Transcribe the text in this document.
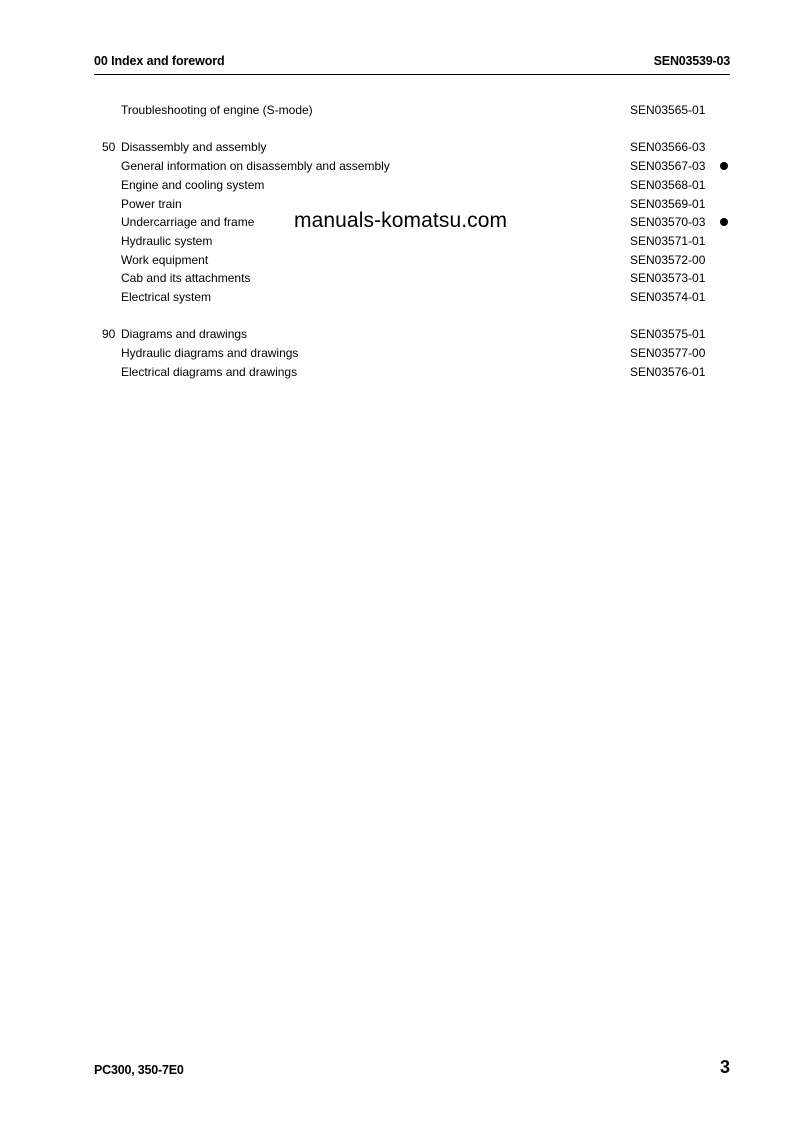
00 Index and foreword	SEN03539-03
Troubleshooting of engine (S-mode)	SEN03565-01
50 Disassembly and assembly	SEN03566-03
General information on disassembly and assembly	SEN03567-03
Engine and cooling system	SEN03568-01
Power train	SEN03569-01
Undercarriage and frame	SEN03570-03
Hydraulic system	SEN03571-01
Work equipment	SEN03572-00
Cab and its attachments	SEN03573-01
Electrical system	SEN03574-01
90 Diagrams and drawings	SEN03575-01
Hydraulic diagrams and drawings	SEN03577-00
Electrical diagrams and drawings	SEN03576-01
manuals-komatsu.com
PC300, 350-7E0	3
